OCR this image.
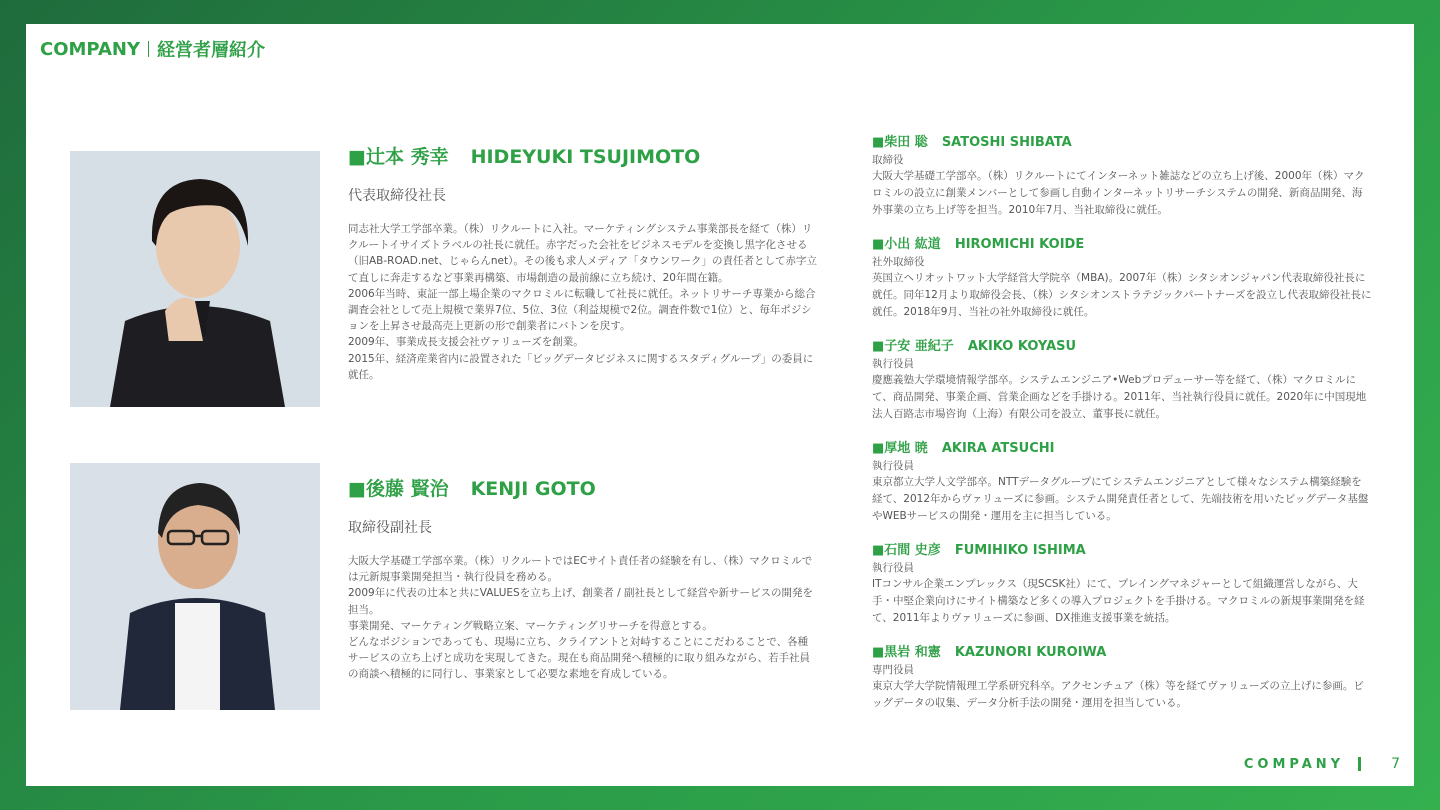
COMPANY 経営者層紹介
■辻本 秀幸 HIDEYUKI TSUJIMOTO
代表取締役社長

同志社大学工学部卒業。（株）リクルートに入社。マーケティングシステム事業部長を経て（株）リクルートイサイズトラベルの社長に就任。赤字だった会社をビジネスモデルを変換し黒字化させる（旧AB-ROAD.net、じゃらんnet）。その後も求人メディア「タウンワーク」の責任者として赤字立て直しに奔走するなど事業再構築、市場創造の最前線に立ち続け、20年間在籍。

2006年当時、東証一部上場企業のマクロミルに転職して社長に就任。ネットリサーチ専業から総合調査会社として売上規模で業界7位、5位、3位（利益規模で2位。調査件数で1位）と、毎年ポジションを上昇させ最高売上更新の形で創業者にバトンを戻す。

2009年、事業成長支援会社ヴァリューズを創業。

2015年、経済産業省内に設置された「ビッグデータビジネスに関するスタディグループ」の委員に就任。

■後藤 賢治 KENJI GOTO
取締役副社長

大阪大学基礎工学部卒業。（株）リクルートではECサイト責任者の経験を有し、（株）マクロミルでは元新規事業開発担当・執行役員を務める。

2009年に代表の辻本と共にVALUESを立ち上げ、創業者 / 副社長として経営や新サービスの開発を担当。

事業開発、マーケティング戦略立案、マーケティングリサーチを得意とする。

どんなポジションであっても、現場に立ち、クライアントと対峙することにこだわることで、各種サービスの立ち上げと成功を実現してきた。現在も商品開発へ積極的に取り組みながら、若手社員の商談へ積極的に同行し、事業家として必要な素地を育成している。

■柴田 聡 SATOSHI SHIBATA
取締役
大阪大学基礎工学部卒。（株）リクルートにてインターネット雑誌などの立ち上げ後、2000年（株）マクロミルの設立に創業メンバーとして参画し自動インターネットリサーチシステムの開発、新商品開発、海外事業の立ち上げ等を担当。2010年7月、当社取締役に就任。
■小出 紘道 HIROMICHI KOIDE
社外取締役
英国立ヘリオットワット大学経営大学院卒（MBA)。2007年（株）シタシオンジャパン代表取締役社長に就任。同年12月より取締役会長、（株）シタシオンストラテジックパートナーズを設立し代表取締役社長に就任。2018年9月、当社の社外取締役に就任。
■子安 亜紀子 AKIKO KOYASU
執行役員
慶應義塾大学環境情報学部卒。システムエンジニア•Webプロデューサー等を経て、（株）マクロミルにて、商品開発、事業企画、営業企画などを手掛ける。2011年、当社執行役員に就任。2020年に中国現地法人百路志市場咨询（上海）有限公司を設立、董事長に就任。
■厚地 暁 AKIRA ATSUCHI
執行役員
東京都立大学人文学部卒。NTTデータグループにてシステムエンジニアとして様々なシステム構築経験を経て、2012年からヴァリューズに参画。システム開発責任者として、先端技術を用いたビッグデータ基盤やWEBサービスの開発・運用を主に担当している。
■石間 史彦 FUMIHIKO ISHIMA
執行役員
ITコンサル企業エンプレックス（現SCSK社）にて、プレイングマネジャーとして組織運営しながら、大手・中堅企業向けにサイト構築など多くの導入プロジェクトを手掛ける。マクロミルの新規事業開発を経て、2011年よりヴァリューズに参画、DX推進支援事業を統括。
■黒岩 和憲 KAZUNORI KUROIWA
専門役員
東京大学大学院情報理工学系研究科卒。アクセンチュア（株）等を経てヴァリューズの立上げに参画。ビッグデータの収集、データ分析手法の開発・運用を担当している。
COMPANY	7
